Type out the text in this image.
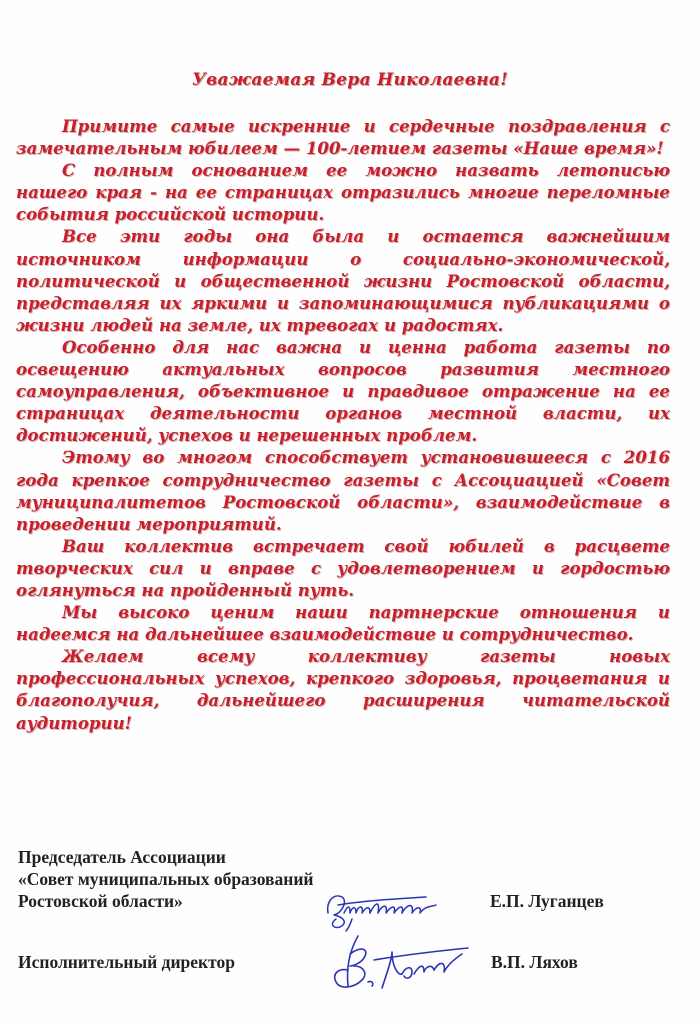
Уважаемая Вера Николаевна!

Примите самые искренние и сердечные поздравления с замечательным юбилеем — 100-летием газеты «Наше время»!

С полным основанием ее можно назвать летописью нашего края - на ее страницах отразились многие переломные события российской истории.

Все эти годы она была и остается важнейшим источником информации о социально-экономической, политической и общественной жизни Ростовской области, представляя их яркими и запоминающимися публикациями о жизни людей на земле, их тревогах и радостях.

Особенно для нас важна и ценна работа газеты по освещению актуальных вопросов развития местного самоуправления, объективное и правдивое отражение на ее страницах деятельности органов местной власти, их достижений, успехов и нерешенных проблем.

Этому во многом способствует установившееся с 2016 года крепкое сотрудничество газеты с Ассоциацией «Совет муниципалитетов Ростовской области», взаимодействие в проведении мероприятий.

Ваш коллектив встречает свой юбилей в расцвете творческих сил и вправе с удовлетворением и гордостью оглянуться на пройденный путь.

Мы высоко ценим наши партнерские отношения и надеемся на дальнейшее взаимодействие и сотрудничество.

Желаем всему коллективу газеты новых профессиональных успехов, крепкого здоровья, процветания и благополучия, дальнейшего расширения читательской аудитории!

Председатель Ассоциации
«Совет муниципальных образований
Ростовской области»	Е.П. Луганцев
Исполнительный директор	В.П. Ляхов
